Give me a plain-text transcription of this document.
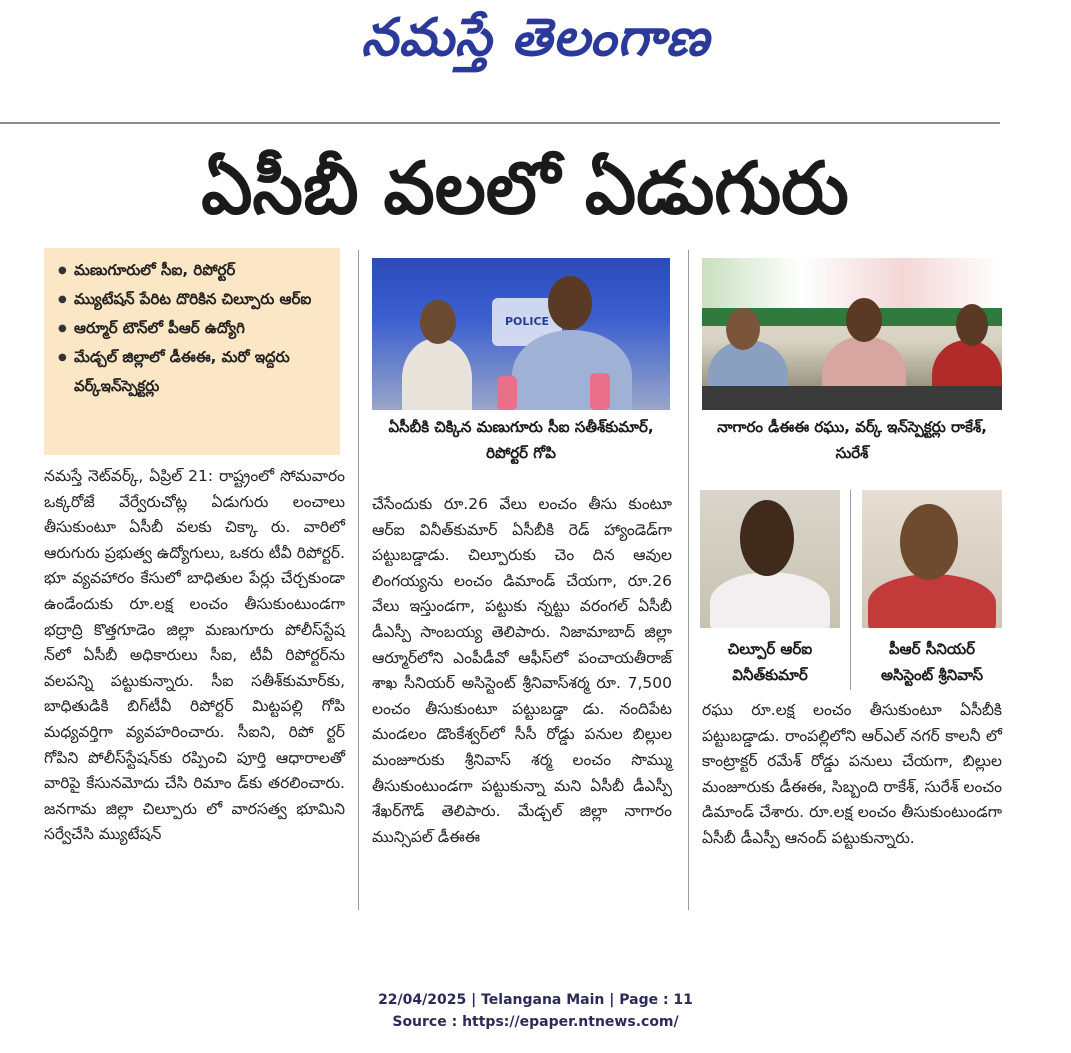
నమస్తే తెలంగాణ
ఏసీబీ వలలో ఏడుగురు
● మణుగూరులో సీఐ, రిపోర్టర్
● మ్యుటేషన్ పేరిట దొరికిన చిల్పూరు ఆర్ఐ
● ఆర్మూర్ టౌన్‌లో పీఆర్ ఉద్యోగి
● మేడ్చల్ జిల్లాలో డీఈఈ, మరో ఇద్దరు వర్క్ఇన్‌స్పెక్టర్లు
POLICE
ఏసీబీకి చిక్కిన మణుగూరు సీఐ సతీశ్‌కుమార్, రిపోర్టర్ గోపి
నాగారం డీఈఈ రఘు, వర్క్ ఇన్‌స్పెక్టర్లు రాకేశ్, సురేశ్
చిల్పూర్ ఆర్ఐ వినీత్‌కుమార్
పీఆర్ సీనియర్ అసిస్టెంట్ శ్రీనివాస్
నమస్తే నెట్‌వర్క్, ఏప్రిల్ 21: రాష్ట్రంలో సోమవారం ఒక్కరోజే వేర్వేరుచోట్ల ఏడుగురు లంచాలు తీసుకుంటూ ఏసీబీ వలకు చిక్కా రు. వారిలో ఆరుగురు ప్రభుత్వ ఉద్యోగులు, ఒకరు టీవీ రిపోర్టర్. భూ వ్యవహారం కేసులో బాధితుల పేర్లు చేర్చకుండా ఉండేందుకు రూ.లక్ష లంచం తీసుకుంటుండగా భద్రాద్రి కొత్తగూడెం జిల్లా మణుగూరు పోలీస్‌స్టేష న్‌లో ఏసీబీ అధికారులు సీఐ, టీవీ రిపోర్టర్‌ను వలపన్ని పట్టుకున్నారు. సీఐ సతీశ్‌కుమార్‌కు, బాధితుడికి బిగ్‌టీవీ రిపోర్టర్ మిట్టపల్లి గోపి మధ్యవర్తిగా వ్యవహరించారు. సీఐని, రిపో ర్టర్ గోపిని పోలీస్‌స్టేషన్‌కు రప్పించి పూర్తి ఆధారాలతో వారిపై కేసునమోదు చేసి రిమాం డ్‌కు తరలించారు. జనగామ జిల్లా చిల్పూరు లో వారసత్వ భూమిని సర్వేచేసి మ్యుటేషన్
చేసేందుకు రూ.26 వేలు లంచం తీసు కుంటూ ఆర్ఐ వినీత్‌కుమార్ ఏసీబీకి రెడ్ హ్యాండెడ్‌గా పట్టుబడ్డాడు. చిల్పూరుకు చెం దిన ఆవుల లింగయ్యను లంచం డిమాండ్ చేయగా, రూ.26 వేలు ఇస్తుండగా, పట్టుకు న్నట్టు వరంగల్ ఏసీబీ డీఎస్పీ సాంబయ్య తెలిపారు. నిజామాబాద్ జిల్లా ఆర్మూర్‌లోని ఎంపీడీవో ఆఫీస్‌లో పంచాయతీరాజ్ శాఖ సీనియర్ అసిస్టెంట్ శ్రీనివాస్‌శర్మ రూ. 7,500 లంచం తీసుకుంటూ పట్టుబడ్డా డు. నందిపేట మండలం డొంకేశ్వర్‌లో సీసీ రోడ్డు పనుల బిల్లుల మంజూరుకు శ్రీనివాస్ శర్మ లంచం సొమ్ము తీసుకుంటుండగా పట్టుకున్నా మని ఏసీబీ డీఎస్పీ శేఖర్‌గౌడ్ తెలిపారు. మేడ్చల్ జిల్లా నాగారం మున్సిపల్ డీఈఈ
రఘు రూ.లక్ష లంచం తీసుకుంటూ ఏసీబీకి పట్టుబడ్డాడు. రాంపల్లిలోని ఆర్‌ఎల్ నగర్ కాలనీ లో కాంట్రాక్టర్ రమేశ్ రోడ్డు పనులు చేయగా, బిల్లుల మంజూరుకు డీఈఈ, సిబ్బంది రాకేశ్, సురేశ్ లంచం డిమాండ్ చేశారు. రూ.లక్ష లంచం తీసుకుంటుండగా ఏసీబీ డీఎస్పీ ఆనంద్ పట్టుకున్నారు.
22/04/2025 | Telangana Main | Page : 11
Source : https://epaper.ntnews.com/
